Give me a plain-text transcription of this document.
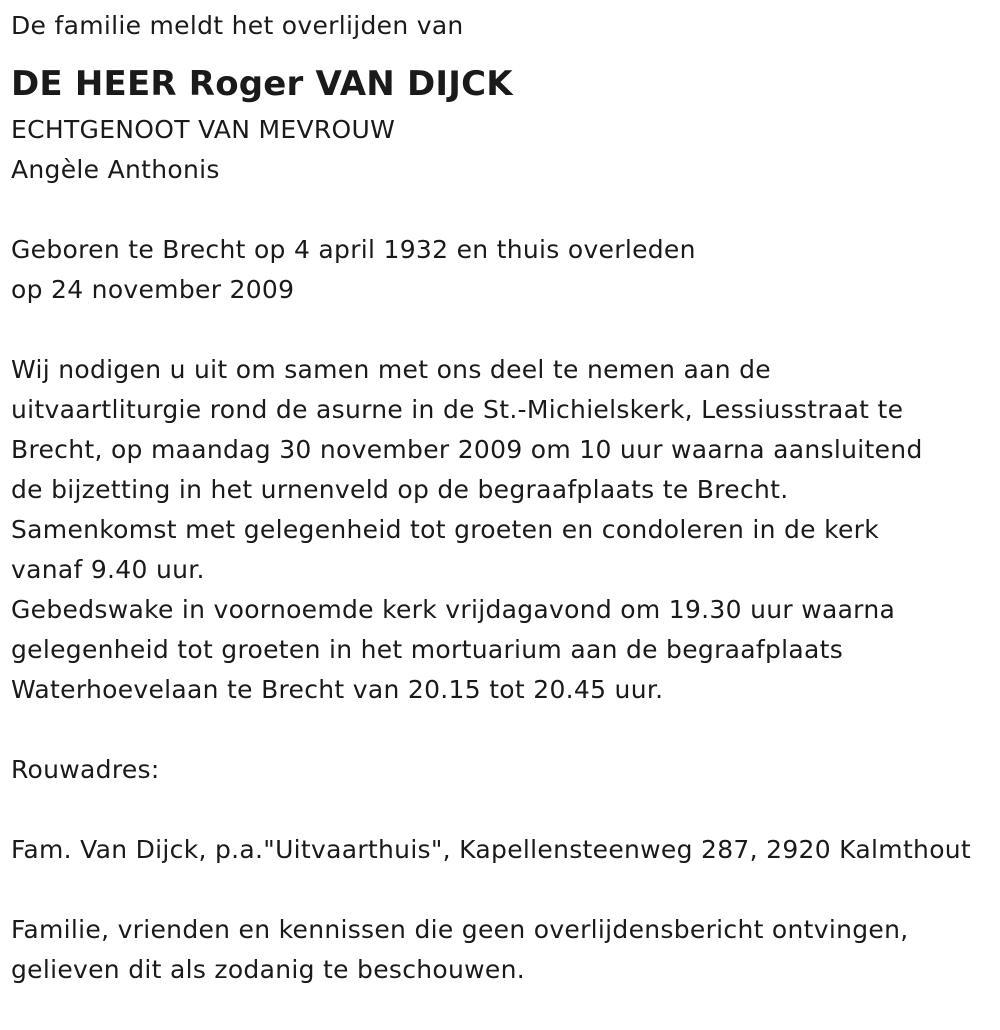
De familie meldt het overlijden van

DE HEER Roger VAN DIJCK

ECHTGENOOT VAN MEVROUW

Angèle Anthonis

Geboren te Brecht op 4 april 1932 en thuis overleden

op 24 november 2009

Wij nodigen u uit om samen met ons deel te nemen aan de

uitvaartliturgie rond de asurne in de St.-Michielskerk, Lessiusstraat te

Brecht, op maandag 30 november 2009 om 10 uur waarna aansluitend

de bijzetting in het urnenveld op de begraafplaats te Brecht.

Samenkomst met gelegenheid tot groeten en condoleren in de kerk

vanaf 9.40 uur.

Gebedswake in voornoemde kerk vrijdagavond om 19.30 uur waarna

gelegenheid tot groeten in het mortuarium aan de begraafplaats

Waterhoevelaan te Brecht van 20.15 tot 20.45 uur.

Rouwadres:

Fam. Van Dijck, p.a."Uitvaarthuis", Kapellensteenweg 287, 2920 Kalmthout

Familie, vrienden en kennissen die geen overlijdensbericht ontvingen,

gelieven dit als zodanig te beschouwen.
